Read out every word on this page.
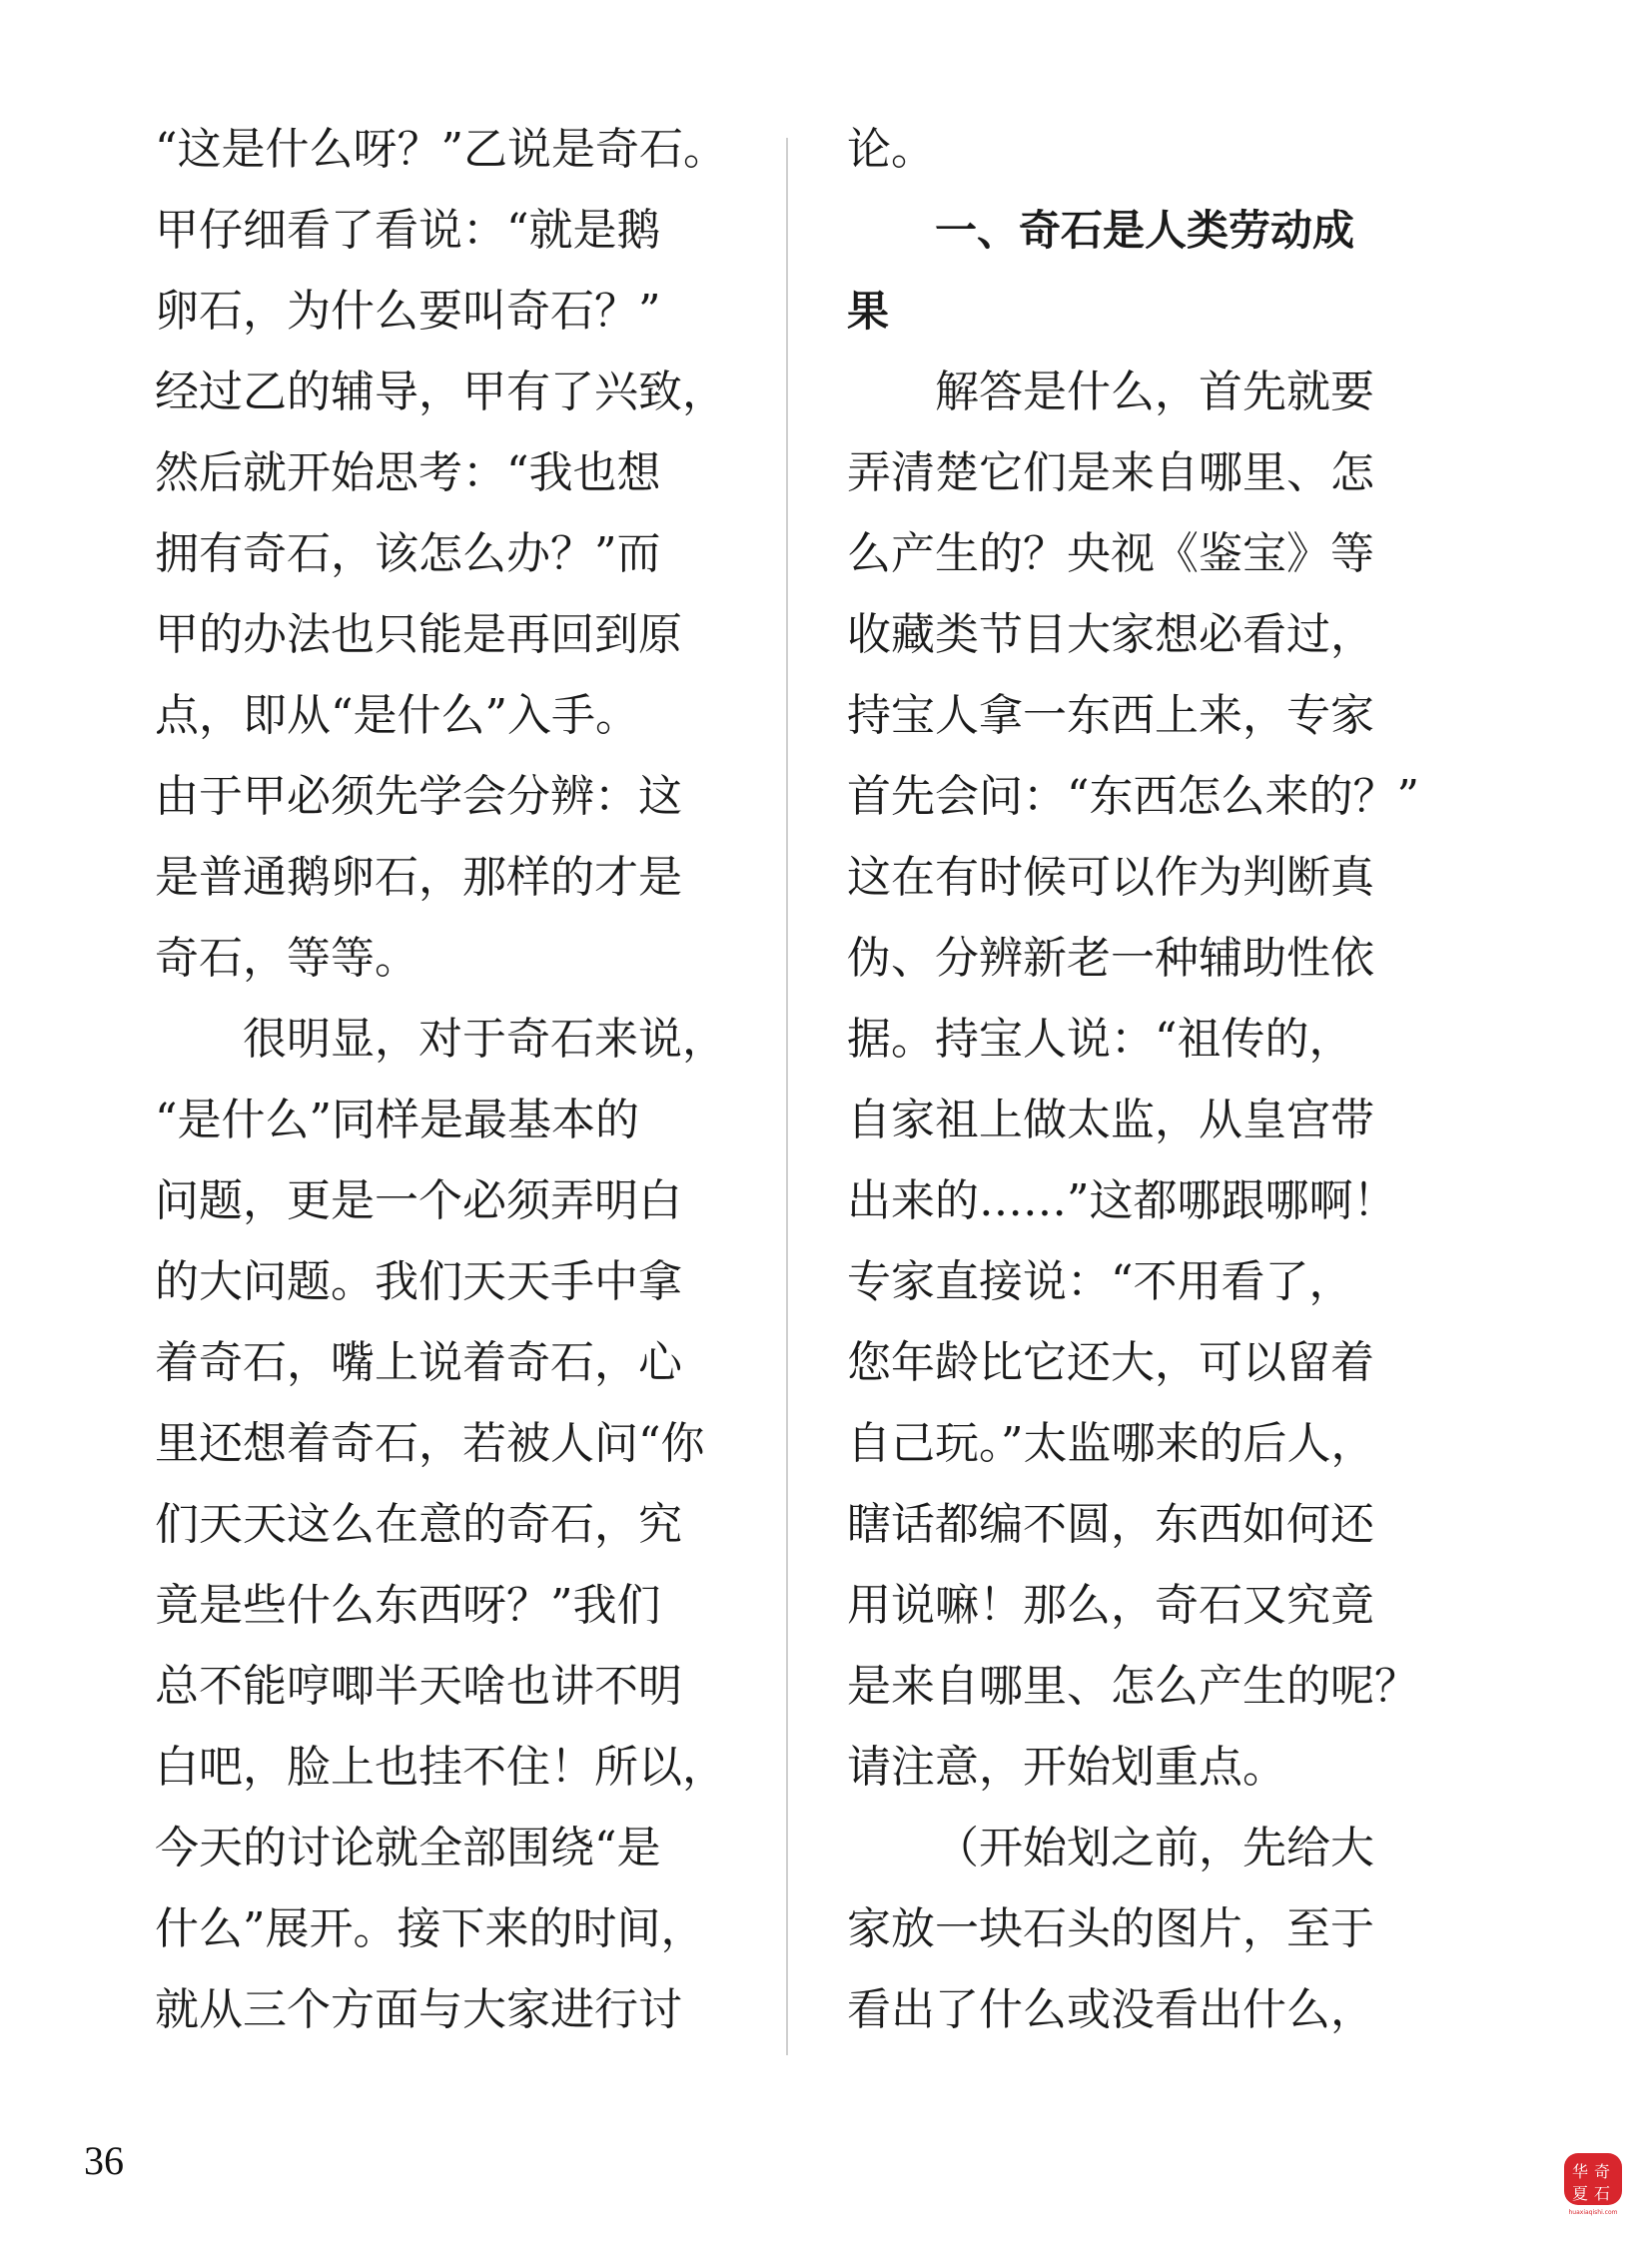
“这是什么呀？”乙说是奇石。
甲仔细看了看说：“就是鹅
卵石，为什么要叫奇石？”
经过乙的辅导，甲有了兴致，
然后就开始思考：“我也想
拥有奇石，该怎么办？”而
甲的办法也只能是再回到原
点，即从“是什么”入手。
由于甲必须先学会分辨：这
是普通鹅卵石，那样的才是
奇石，等等。
很明显，对于奇石来说，
“是什么”同样是最基本的
问题，更是一个必须弄明白
的大问题。我们天天手中拿
着奇石，嘴上说着奇石，心
里还想着奇石，若被人问“你
们天天这么在意的奇石，究
竟是些什么东西呀？”我们
总不能哼唧半天啥也讲不明
白吧，脸上也挂不住！所以，
今天的讨论就全部围绕“是
什么”展开。接下来的时间，
就从三个方面与大家进行讨
论。
一、奇石是人类劳动成
果
解答是什么，首先就要
弄清楚它们是来自哪里、怎
么产生的？央视《鉴宝》等
收藏类节目大家想必看过，
持宝人拿一东西上来，专家
首先会问：“东西怎么来的？”
这在有时候可以作为判断真
伪、分辨新老一种辅助性依
据。持宝人说：“祖传的，
自家祖上做太监，从皇宫带
出来的……”这都哪跟哪啊！
专家直接说：“不用看了，
您年龄比它还大，可以留着
自己玩。”太监哪来的后人，
瞎话都编不圆，东西如何还
用说嘛！那么，奇石又究竟
是来自哪里、怎么产生的呢？
请注意，开始划重点。
（开始划之前，先给大
家放一块石头的图片，至于
看出了什么或没看出什么，
36	华 奇
夏 石
huaxiaqishi.com
